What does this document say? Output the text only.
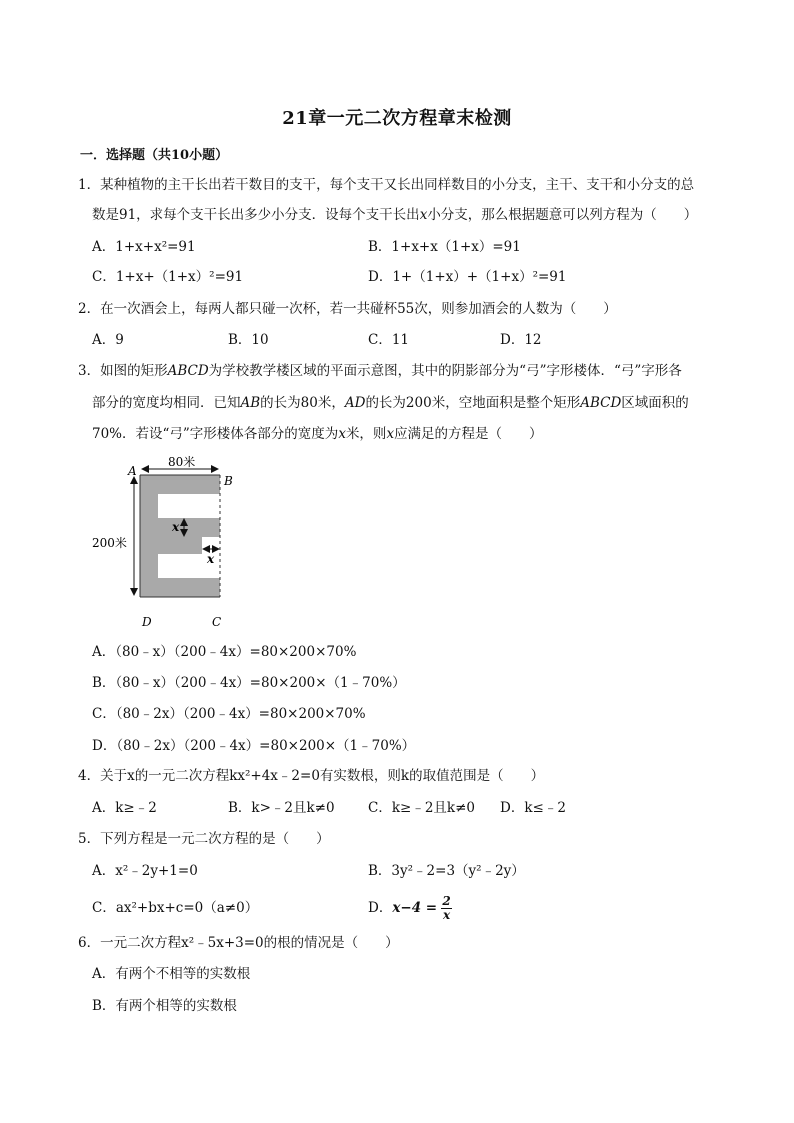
21章一元二次方程章末检测
一．选择题（共10小题）
1．某种植物的主干长出若干数目的支干，每个支干又长出同样数目的小分支，主干、支干和小分支的总
数是91，求每个支干长出多少小分支．设每个支干长出x小分支，那么根据题意可以列方程为（　　）
A．1+x+x²=91	B．1+x+x（1+x）=91
C．1+x+（1+x）²=91	D．1+（1+x）+（1+x）²=91
2．在一次酒会上，每两人都只碰一次杯，若一共碰杯55次，则参加酒会的人数为（　　）
A．9	B．10	C．11	D．12
3．如图的矩形ABCD为学校教学楼区域的平面示意图，其中的阴影部分为“弓”字形楼体．“弓”字形各
部分的宽度均相同．已知AB的长为80米，AD的长为200米，空地面积是整个矩形ABCD区域面积的
70%．若设“弓”字形楼体各部分的宽度为x米，则x应满足的方程是（　　）
80米
200米
A
B
C
D
x
x
A．（80﹣x）（200﹣4x）=80×200×70%
B．（80﹣x）（200﹣4x）=80×200×（1﹣70%）
C．（80﹣2x）（200﹣4x）=80×200×70%
D．（80﹣2x）（200﹣4x）=80×200×（1﹣70%）
4．关于x的一元二次方程kx²+4x﹣2=0有实数根，则k的取值范围是（　　）
A．k≥﹣2	B．k>﹣2且k≠0 C．k≥﹣2且k≠0 D．k≤﹣2
5．下列方程是一元二次方程的是（　　）
A．x²﹣2y+1=0	B．3y²﹣2=3（y²﹣2y）
C．ax²+bx+c=0（a≠0）	D．$x-4 = \frac{2}{x}$
6．一元二次方程x²﹣5x+3=0的根的情况是（　　）
A．有两个不相等的实数根
B．有两个相等的实数根
